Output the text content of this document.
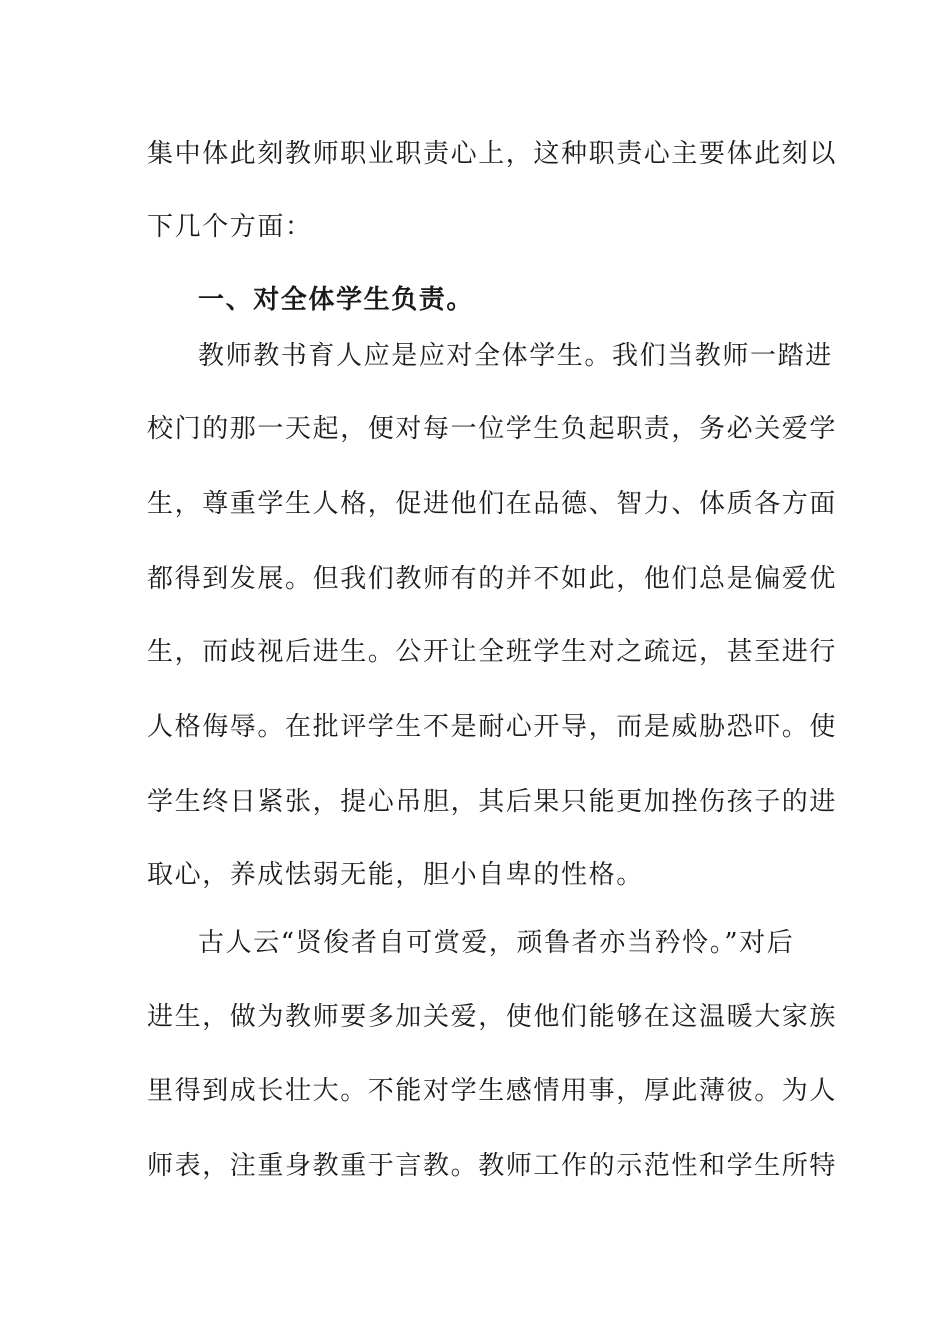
集中体此刻教师职业职责心上，这种职责心主要体此刻以
下几个方面：
一、对全体学生负责。
教师教书育人应是应对全体学生。我们当教师一踏进
校门的那一天起，便对每一位学生负起职责，务必关爱学
生，尊重学生人格，促进他们在品德、智力、体质各方面
都得到发展。但我们教师有的并不如此，他们总是偏爱优
生，而歧视后进生。公开让全班学生对之疏远，甚至进行
人格侮辱。在批评学生不是耐心开导，而是威胁恐吓。使
学生终日紧张，提心吊胆，其后果只能更加挫伤孩子的进
取心，养成怯弱无能，胆小自卑的性格。
古人云“贤俊者自可赏爱，顽鲁者亦当矜怜。”对后
进生，做为教师要多加关爱，使他们能够在这温暖大家族
里得到成长壮大。不能对学生感情用事，厚此薄彼。为人
师表，注重身教重于言教。教师工作的示范性和学生所特
